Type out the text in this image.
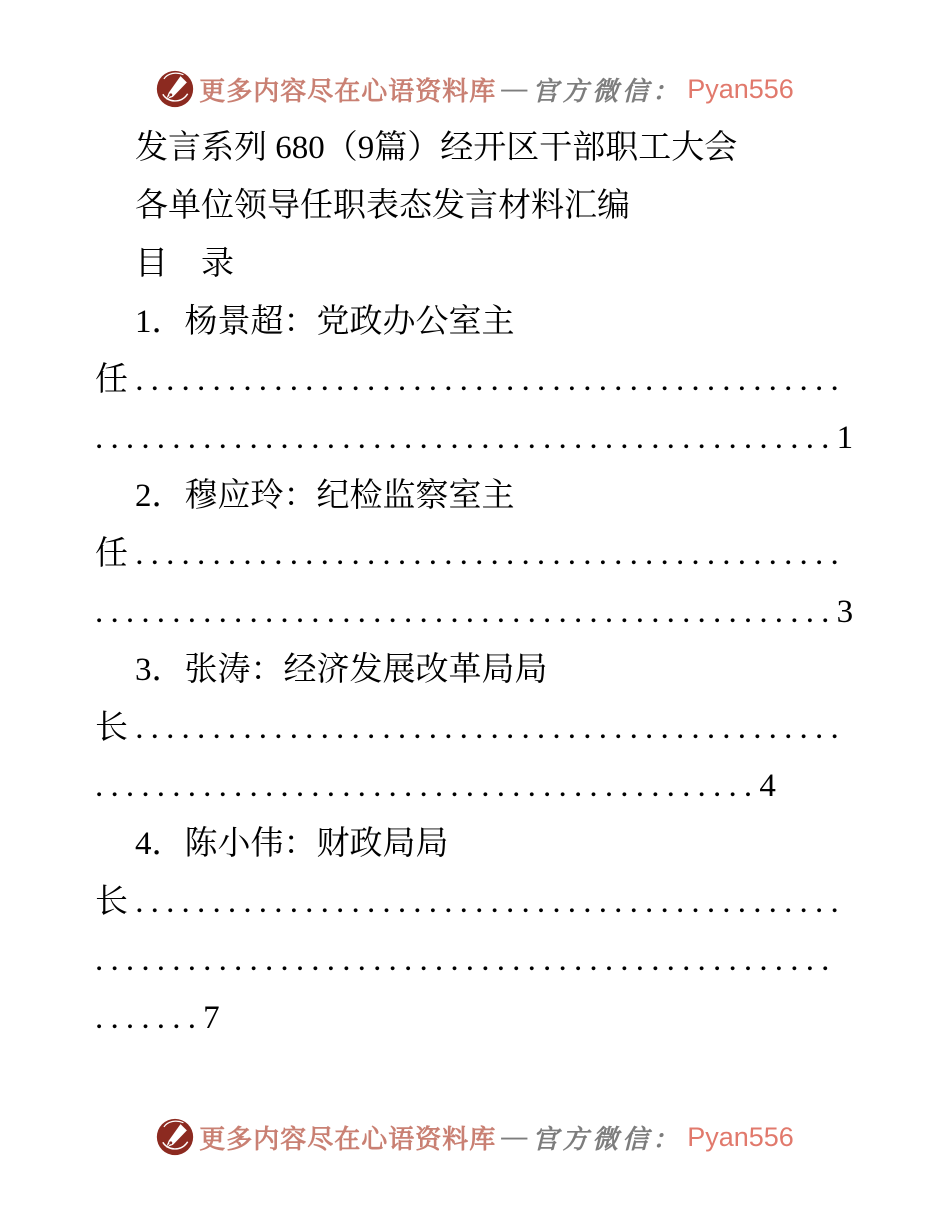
更多内容尽在心语资料库 — 官方微信： Pyan556
发言系列 680（9篇）经开区干部职工大会
各单位领导任职表态发言材料汇编
目　录
1．杨景超：党政办公室主
任..............................................
................................................1
2．穆应玲：纪检监察室主
任..............................................
................................................3
3．张涛：经济发展改革局局
长..............................................
...........................................4
4．陈小伟：财政局局
长..............................................
................................................
.......7
更多内容尽在心语资料库 — 官方微信： Pyan556
